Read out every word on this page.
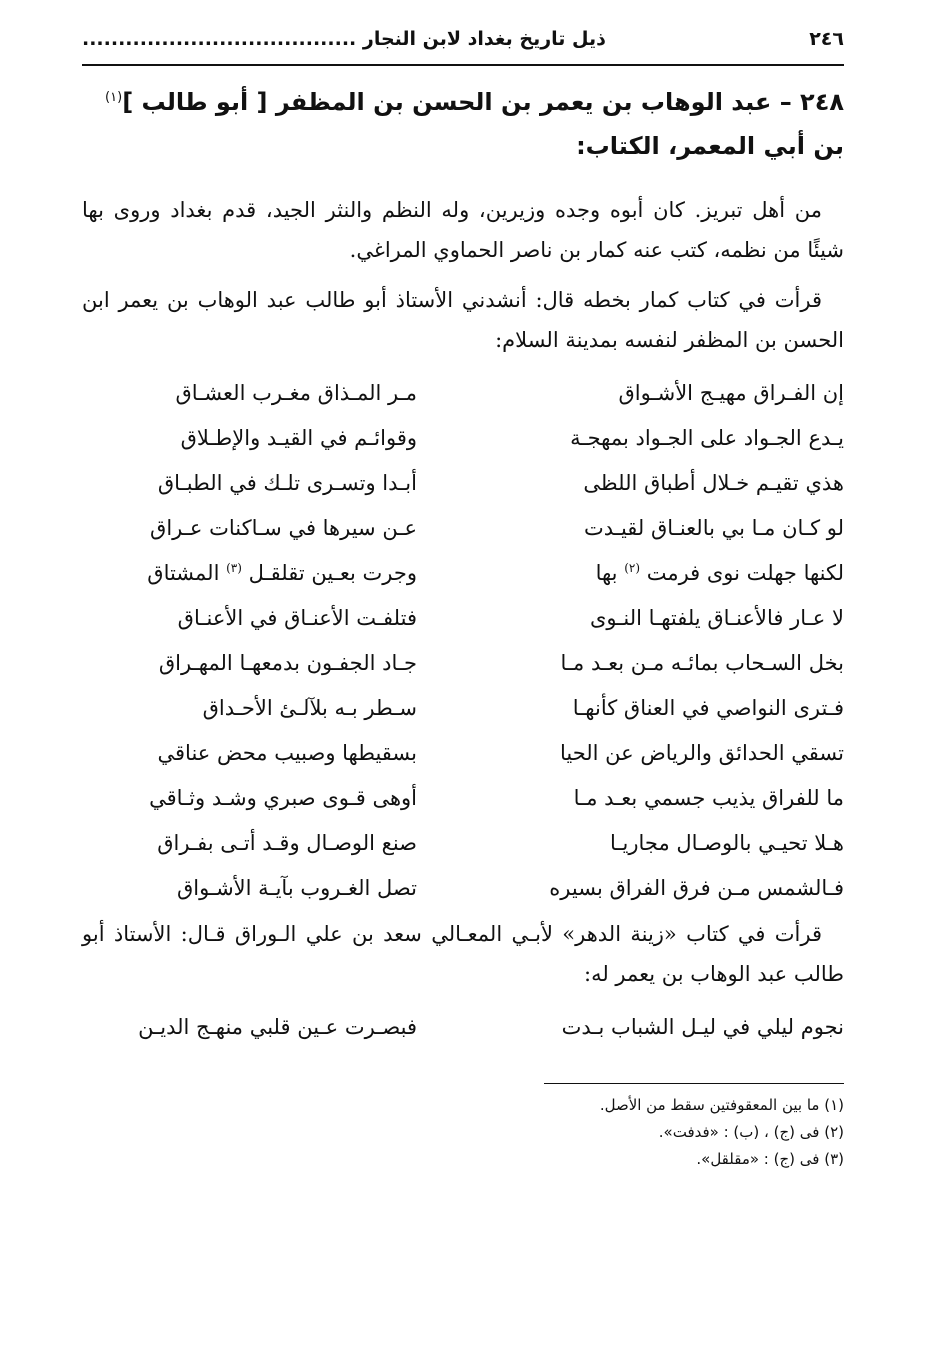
٢٤٦
ذيل تاريخ بغداد لابن النجار ......................................
٢٤٨ – عبد الوهاب بن يعمر بن الحسن بن المظفر [ أبو طالب ]$^{(١)}$ بن أبي المعمر، الكتاب:

من أهل تبريز. كان أبوه وجده وزيرين، وله النظم والنثر الجيد، قدم بغداد وروى بها شيئًا من نظمه، كتب عنه كمار بن ناصر الحماوي المراغي.

قرأت في كتاب كمار بخطه قال: أنشدني الأستاذ أبو طالب عبد الوهاب بن يعمر ابن الحسن بن المظفر لنفسه بمدينة السلام:

إن الفـراق مهيـج الأشـواق
مـر المـذاق مغـرب العشـاق
يـدع الجـواد على الجـواد بمهجـة
وقوائـم في القيـد والإطـلاق
هذي تقيـم خـلال أطباق اللظى
أبـدا وتسـرى تلـك في الطبـاق
لو كـان مـا بي بالعنـاق لقيـدت
عـن سيرها في سـاكنات عـراق
لكنها جهلت نوى فرمت $^{(٢)}$ بها
وجرت بعـين تقلقـل $^{(٣)}$ المشتاق
لا عـار فالأعنـاق يلفتهـا النـوى
فتلفـت الأعنـاق في الأعنـاق
بخل السـحاب بمائـه مـن بعـد مـا
جـاد الجفـون بدمعهـا المهـراق
فـترى النواصي في العناق كأنهـا
سـطر بـه بلآلـئ الأحـداق
تسقي الحدائق والرياض عن الحيا
بسقيطها وصبيب محض عناقي
ما للفراق يذيب جسمي بعـد مـا
أوهى قـوى صبري وشـد وثـاقي
هـلا تحيـي بالوصـال مجاريـا
صنع الوصـال وقـد أتـى بفـراق
فـالشمس مـن فرق الفراق بسيره
تصل الغـروب بآيـة الأشـواق

قرأت في كتاب «زينة الدهر» لأبـي المعـالي سعد بن علي الـوراق قـال: الأستاذ أبو طالب عبد الوهاب بن يعمر له:

نجوم ليلي في ليـل الشباب بـدت
فبصـرت عـين قلبي منهـج الديـن
(١) ما بين المعقوفتين سقط من الأصل.
(٢) فى (ج) ، (ب) : «فدفت».
(٣) فى (ج) : «مقلقل».
